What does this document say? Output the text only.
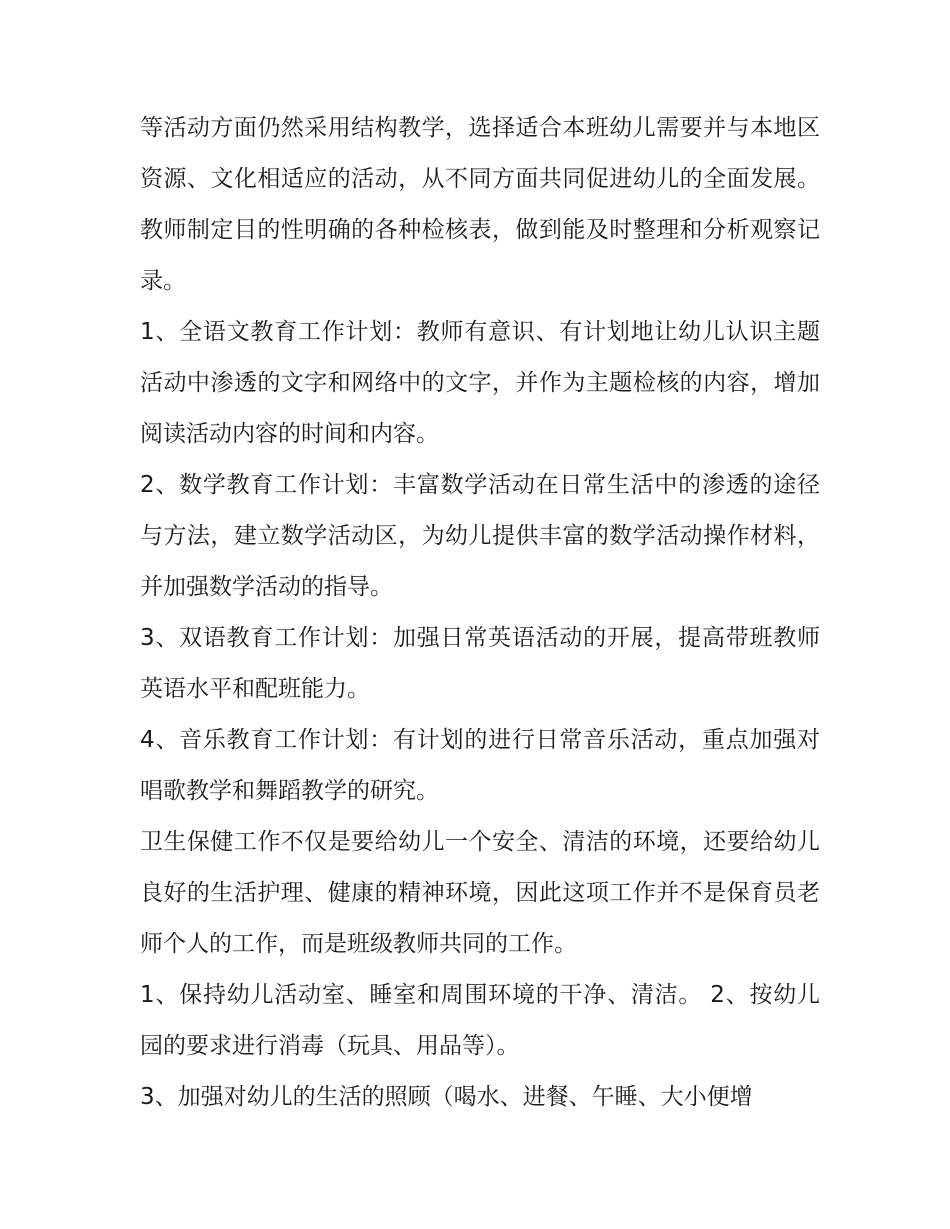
等活动方面仍然采用结构教学，选择适合本班幼儿需要并与本地区资源、文化相适应的活动，从不同方面共同促进幼儿的全面发展。教师制定目的性明确的各种检核表，做到能及时整理和分析观察记录。

1、全语文教育工作计划：教师有意识、有计划地让幼儿认识主题活动中渗透的文字和网络中的文字，并作为主题检核的内容，增加阅读活动内容的时间和内容。

2、数学教育工作计划：丰富数学活动在日常生活中的渗透的途径与方法，建立数学活动区，为幼儿提供丰富的数学活动操作材料，并加强数学活动的指导。

3、双语教育工作计划：加强日常英语活动的开展，提高带班教师英语水平和配班能力。

4、音乐教育工作计划：有计划的进行日常音乐活动，重点加强对唱歌教学和舞蹈教学的研究。

卫生保健工作不仅是要给幼儿一个安全、清洁的环境，还要给幼儿良好的生活护理、健康的精神环境，因此这项工作并不是保育员老师个人的工作，而是班级教师共同的工作。

1、保持幼儿活动室、睡室和周围环境的干净、清洁。 2、按幼儿园的要求进行消毒（玩具、用品等）。

3、加强对幼儿的生活的照顾（喝水、进餐、午睡、大小便增
